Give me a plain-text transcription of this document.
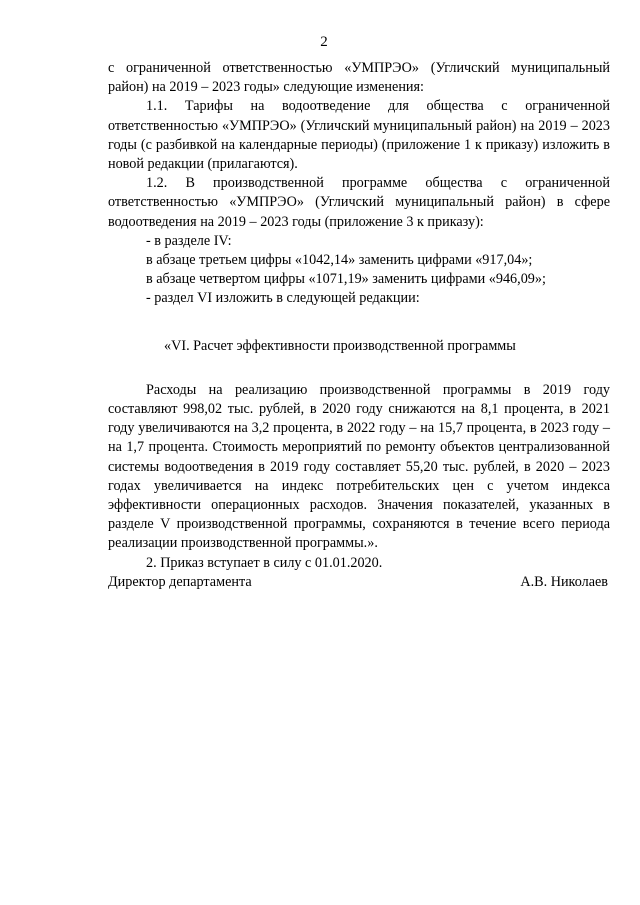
2

с ограниченной ответственностью «УМПРЭО» (Угличский муниципальный район) на 2019 – 2023 годы» следующие изменения:

1.1. Тарифы на водоотведение для общества с ограниченной ответственностью «УМПРЭО» (Угличский муниципальный район) на 2019 – 2023 годы (с разбивкой на календарные периоды) (приложение 1 к приказу) изложить в новой редакции (прилагаются).

1.2. В производственной программе общества с ограниченной ответственностью «УМПРЭО» (Угличский муниципальный район) в сфере водоотведения на 2019 – 2023 годы (приложение 3 к приказу):

- в разделе IV:

в абзаце третьем цифры «1042,14» заменить цифрами «917,04»;

в абзаце четвертом цифры «1071,19» заменить цифрами «946,09»;

- раздел VI изложить в следующей редакции:

«VI. Расчет эффективности производственной программы

Расходы на реализацию производственной программы в 2019 году составляют 998,02 тыс. рублей, в 2020 году снижаются на 8,1 процента, в 2021 году увеличиваются на 3,2 процента, в 2022 году – на 15,7 процента, в 2023 году – на 1,7 процента. Стоимость мероприятий по ремонту объектов централизованной системы водоотведения в 2019 году составляет 55,20 тыс. рублей, в 2020 – 2023 годах увеличивается на индекс потребительских цен с учетом индекса эффективности операционных расходов. Значения показателей, указанных в разделе V производственной программы, сохраняются в течение всего периода реализации производственной программы.».

2. Приказ вступает в силу с 01.01.2020.

Директор департамента	А.В. Николаев
